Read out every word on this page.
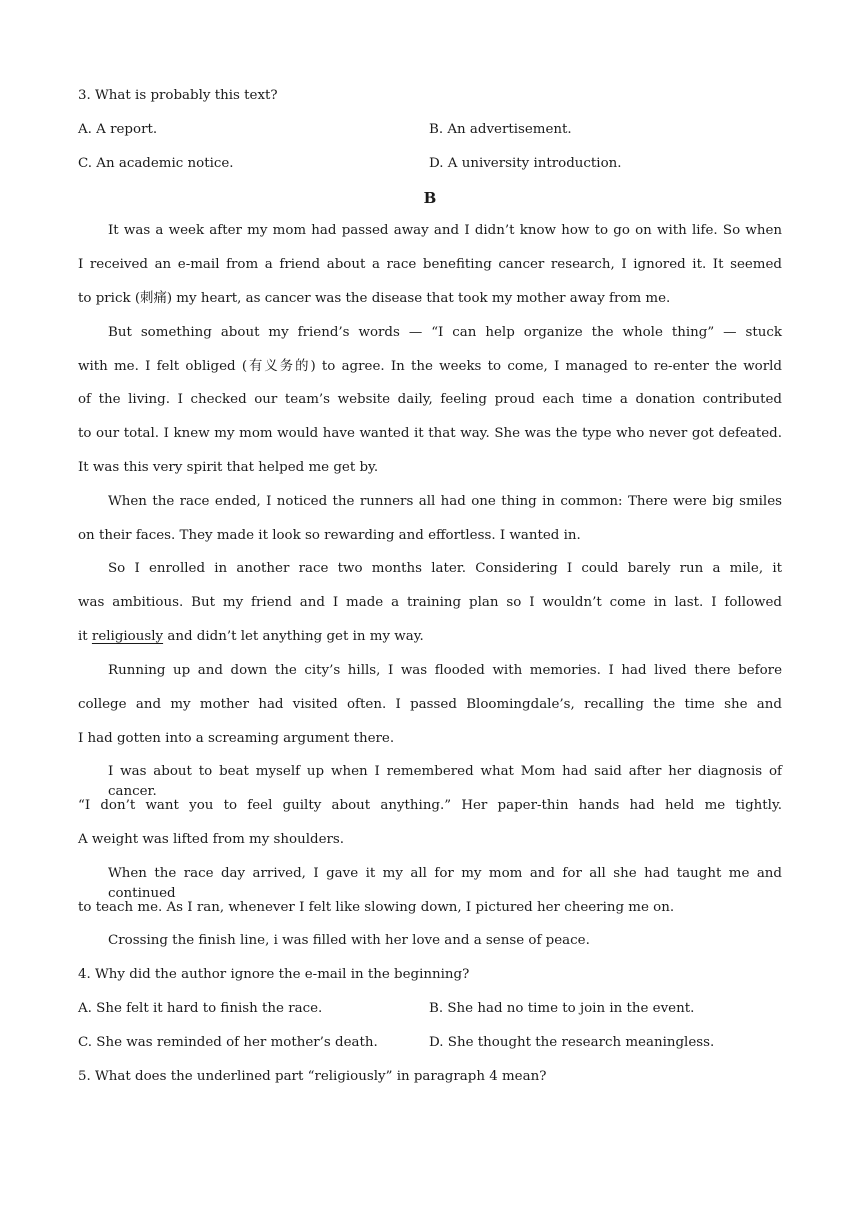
3. What is probably this text?
A. A report.	B. An advertisement.
C. An academic notice.	D. A university introduction.
B
It was a week after my mom had passed away and I didn’t know how to go on with life. So when
I received an e-mail from a friend about a race benefiting cancer research, I ignored it. It seemed
to prick (刺痛) my heart, as cancer was the disease that took my mother away from me.
But something about my friend’s words — “I can help organize the whole thing” — stuck
with me. I felt obliged (有义务的) to agree. In the weeks to come, I managed to re-enter the world
of the living. I checked our team’s website daily, feeling proud each time a donation contributed
to our total. I knew my mom would have wanted it that way. She was the type who never got defeated.
It was this very spirit that helped me get by.
When the race ended, I noticed the runners all had one thing in common: There were big smiles
on their faces. They made it look so rewarding and effortless. I wanted in.
So I enrolled in another race two months later. Considering I could barely run a mile, it
was ambitious. But my friend and I made a training plan so I wouldn’t come in last. I followed
it religiously and didn’t let anything get in my way.
Running up and down the city’s hills, I was flooded with memories. I had lived there before
college and my mother had visited often. I passed Bloomingdale’s, recalling the time she and
I had gotten into a screaming argument there.
I was about to beat myself up when I remembered what Mom had said after her diagnosis of cancer.
“I don’t want you to feel guilty about anything.” Her paper-thin hands had held me tightly.
A weight was lifted from my shoulders.
When the race day arrived, I gave it my all for my mom and for all she had taught me and continued
to teach me. As I ran, whenever I felt like slowing down, I pictured her cheering me on.
Crossing the finish line, i was filled with her love and a sense of peace.
4. Why did the author ignore the e-mail in the beginning?
A. She felt it hard to finish the race.	B. She had no time to join in the event.
C. She was reminded of her mother’s death.	D. She thought the research meaningless.
5. What does the underlined part “religiously” in paragraph 4 mean?
